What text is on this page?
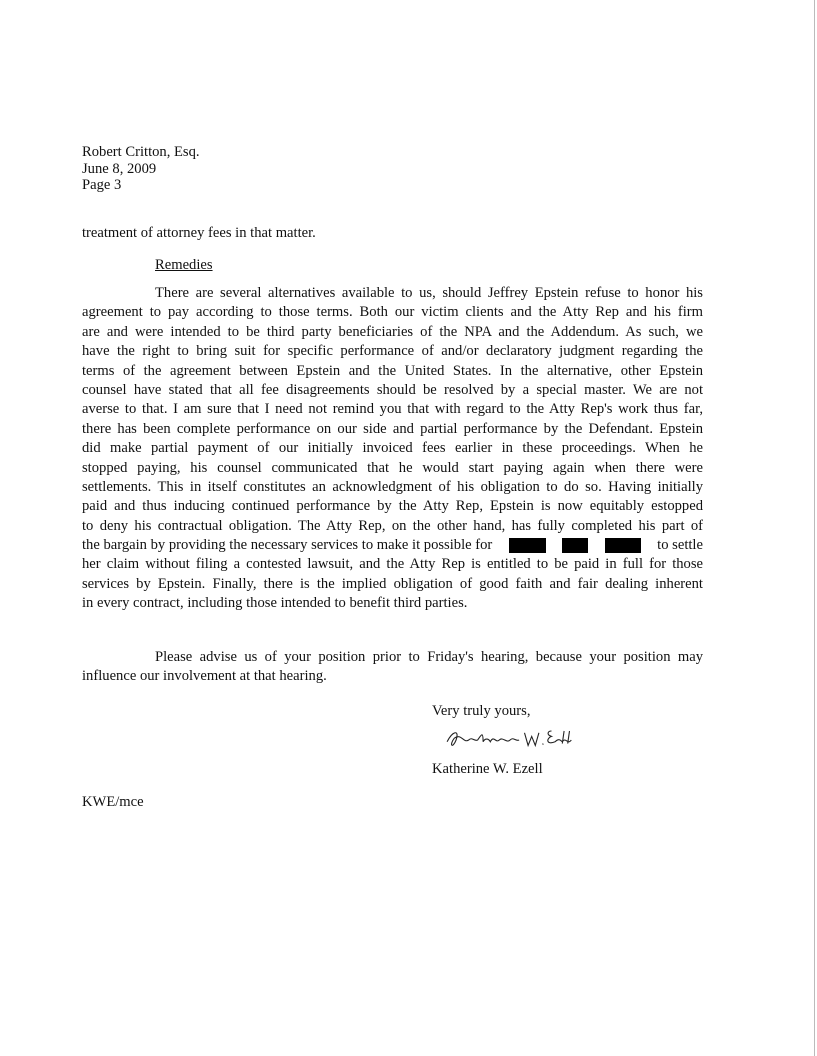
Robert Critton, Esq.
June 8, 2009
Page 3
treatment of attorney fees in that matter.
Remedies
There are several alternatives available to us, should Jeffrey Epstein refuse to honor his
agreement to pay according to those terms. Both our victim clients and the Atty Rep and his firm
are and were intended to be third party beneficiaries of the NPA and the Addendum. As such, we
have the right to bring suit for specific performance of and/or declaratory judgment regarding the
terms of the agreement between Epstein and the United States. In the alternative, other Epstein
counsel have stated that all fee disagreements should be resolved by a special master. We are not
averse to that. I am sure that I need not remind you that with regard to the Atty Rep's work thus far,
there has been complete performance on our side and partial performance by the Defendant. Epstein
did make partial payment of our initially invoiced fees earlier in these proceedings. When he
stopped paying, his counsel communicated that he would start paying again when there were
settlements. This in itself constitutes an acknowledgment of his obligation to do so. Having initially
paid and thus inducing continued performance by the Atty Rep, Epstein is now equitably estopped
to deny his contractual obligation. The Atty Rep, on the other hand, has fully completed his part of
the bargain by providing the necessary services to make it possible for	to settle
her claim without filing a contested lawsuit, and the Atty Rep is entitled to be paid in full for those
services by Epstein. Finally, there is the implied obligation of good faith and fair dealing inherent
in every contract, including those intended to benefit third parties.
Please advise us of your position prior to Friday's hearing, because your position may
influence our involvement at that hearing.
Very truly yours,
Katherine W. Ezell
KWE/mce
